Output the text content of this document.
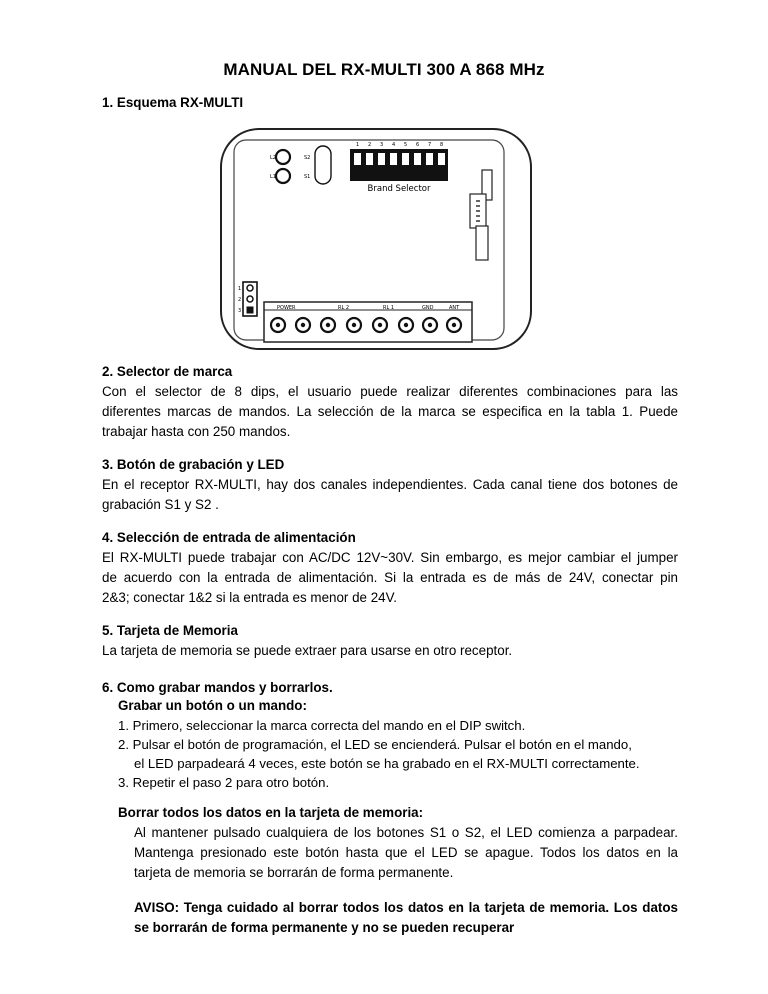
MANUAL DEL RX-MULTI 300 A 868 MHz
1. Esquema RX-MULTI
L2
L1
S2
S1
1 2 3 4 5 6 7 8
Brand Selector
1
2
3	POWER	RL 2	RL 1	GND	ANT
2. Selector de marca
Con el selector de 8 dips, el usuario puede realizar diferentes combinaciones para las
diferentes marcas de mandos. La selección de la marca se especifica en la tabla 1. Puede
trabajar hasta con 250 mandos.
3. Botón de grabación y LED
En el receptor RX-MULTI, hay dos canales independientes. Cada canal tiene dos botones de
grabación S1 y S2 .
4. Selección de entrada de alimentación
El RX-MULTI puede trabajar con AC/DC 12V~30V. Sin embargo, es mejor cambiar el jumper
de acuerdo con la entrada de alimentación. Si la entrada es de más de 24V, conectar pin
2&3; conectar 1&2 si la entrada es menor de 24V.
5. Tarjeta de Memoria
La tarjeta de memoria se puede extraer para usarse en otro receptor.
6. Como grabar mandos y borrarlos.
Grabar un botón o un mando:
1. Primero, seleccionar la marca correcta del mando en el DIP switch.
2. Pulsar el botón de programación, el LED se encienderá. Pulsar el botón en el mando,
el LED parpadeará 4 veces, este botón se ha grabado en el RX-MULTI correctamente.
3. Repetir el paso 2 para otro botón.
Borrar todos los datos en la tarjeta de memoria:
Al mantener pulsado cualquiera de los botones S1 o S2, el LED comienza a parpadear.
Mantenga presionado este botón hasta que el LED se apague. Todos los datos en la
tarjeta de memoria se borrarán de forma permanente.
AVISO: Tenga cuidado al borrar todos los datos en la tarjeta de memoria. Los datos
se borrarán de forma permanente y no se pueden recuperar
